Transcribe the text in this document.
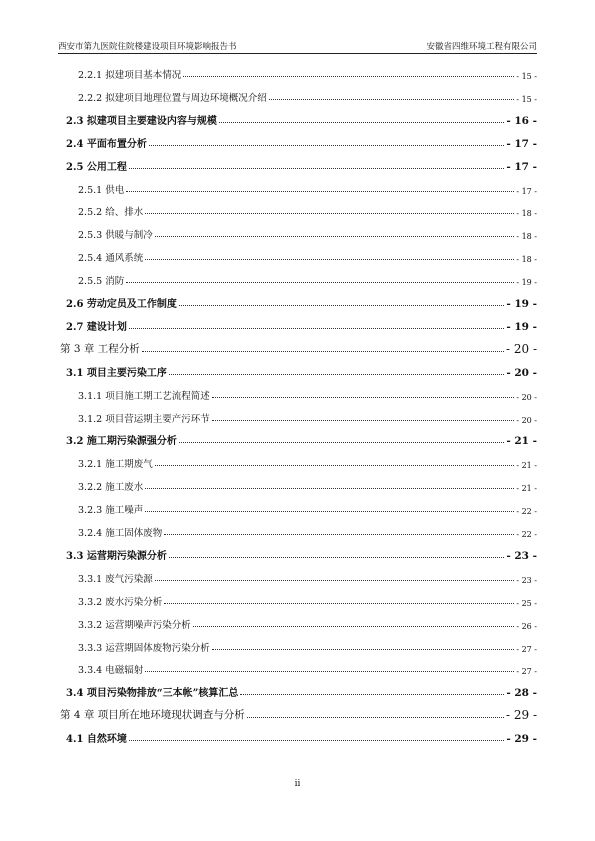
西安市第九医院住院楼建设项目环境影响报告书	安徽省四维环境工程有限公司
2.2.1 拟建项目基本情况	- 15 -
2.2.2 拟建项目地理位置与周边环境概况介绍	- 15 -
2.3 拟建项目主要建设内容与规模	- 16 -
2.4 平面布置分析	- 17 -
2.5 公用工程	- 17 -
2.5.1 供电	- 17 -
2.5.2 给、排水	- 18 -
2.5.3 供暖与制冷	- 18 -
2.5.4 通风系统	- 18 -
2.5.5 消防	- 19 -
2.6 劳动定员及工作制度	- 19 -
2.7 建设计划	- 19 -
第 3 章 工程分析	- 20 -
3.1 项目主要污染工序	- 20 -
3.1.1 项目施工期工艺流程简述	- 20 -
3.1.2 项目营运期主要产污环节	- 20 -
3.2 施工期污染源强分析	- 21 -
3.2.1 施工期废气	- 21 -
3.2.2 施工废水	- 21 -
3.2.3 施工噪声	- 22 -
3.2.4 施工固体废物	- 22 -
3.3 运营期污染源分析	- 23 -
3.3.1 废气污染源	- 23 -
3.3.2 废水污染分析	- 25 -
3.3.2 运营期噪声污染分析	- 26 -
3.3.3 运营期固体废物污染分析	- 27 -
3.3.4 电磁辐射	- 27 -
3.4 项目污染物排放“三本帐”核算汇总	- 28 -
第 4 章 项目所在地环境现状调查与分析	- 29 -
4.1 自然环境	- 29 -
ii
